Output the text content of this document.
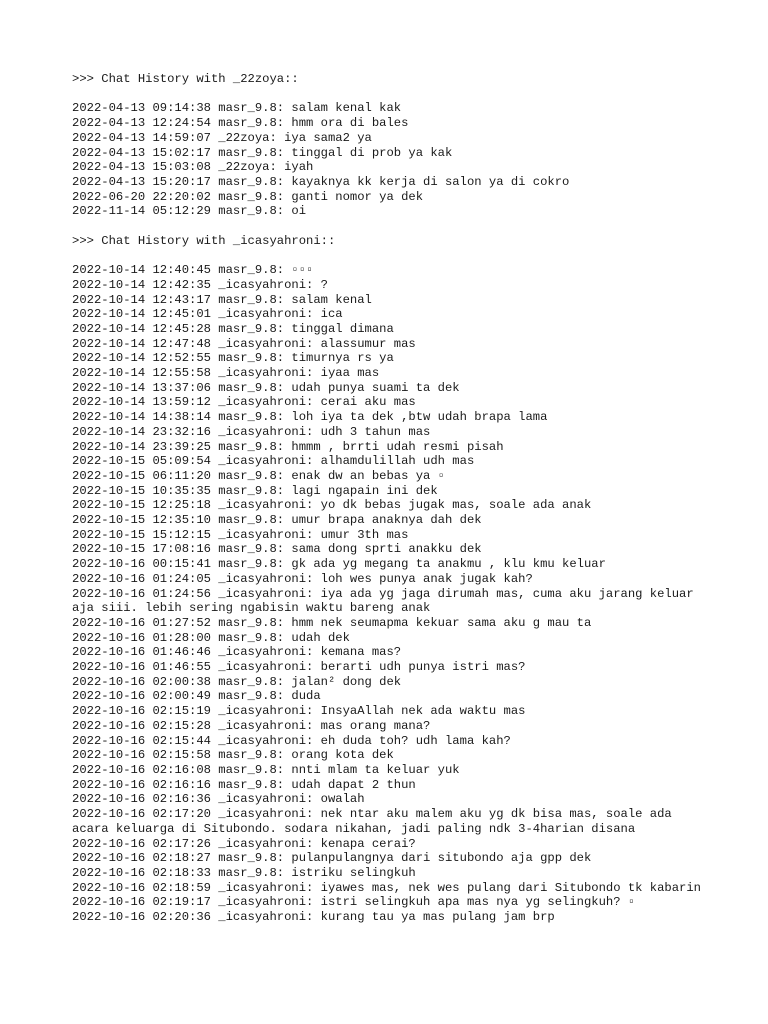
>>> Chat History with _22zoya::
2022-04-13 09:14:38 masr_9.8: salam kenal kak
2022-04-13 12:24:54 masr_9.8: hmm ora di bales
2022-04-13 14:59:07 _22zoya: iya sama2 ya
2022-04-13 15:02:17 masr_9.8: tinggal di prob ya kak
2022-04-13 15:03:08 _22zoya: iyah
2022-04-13 15:20:17 masr_9.8: kayaknya kk kerja di salon ya di cokro
2022-06-20 22:20:02 masr_9.8: ganti nomor ya dek
2022-11-14 05:12:29 masr_9.8: oi
>>> Chat History with _icasyahroni::
2022-10-14 12:40:45 masr_9.8: ▫▫▫
2022-10-14 12:42:35 _icasyahroni: ?
2022-10-14 12:43:17 masr_9.8: salam kenal
2022-10-14 12:45:01 _icasyahroni: ica
2022-10-14 12:45:28 masr_9.8: tinggal dimana
2022-10-14 12:47:48 _icasyahroni: alassumur mas
2022-10-14 12:52:55 masr_9.8: timurnya rs ya
2022-10-14 12:55:58 _icasyahroni: iyaa mas
2022-10-14 13:37:06 masr_9.8: udah punya suami ta dek
2022-10-14 13:59:12 _icasyahroni: cerai aku mas
2022-10-14 14:38:14 masr_9.8: loh iya ta dek ,btw udah brapa lama
2022-10-14 23:32:16 _icasyahroni: udh 3 tahun mas
2022-10-14 23:39:25 masr_9.8: hmmm , brrti udah resmi pisah
2022-10-15 05:09:54 _icasyahroni: alhamdulillah udh mas
2022-10-15 06:11:20 masr_9.8: enak dw an bebas ya ▫
2022-10-15 10:35:35 masr_9.8: lagi ngapain ini dek
2022-10-15 12:25:18 _icasyahroni: yo dk bebas jugak mas, soale ada anak
2022-10-15 12:35:10 masr_9.8: umur brapa anaknya dah dek
2022-10-15 15:12:15 _icasyahroni: umur 3th mas
2022-10-15 17:08:16 masr_9.8: sama dong sprti anakku dek
2022-10-16 00:15:41 masr_9.8: gk ada yg megang ta anakmu , klu kmu keluar
2022-10-16 01:24:05 _icasyahroni: loh wes punya anak jugak kah?
2022-10-16 01:24:56 _icasyahroni: iya ada yg jaga dirumah mas, cuma aku jarang keluar aja siii. lebih sering ngabisin waktu bareng anak
2022-10-16 01:27:52 masr_9.8: hmm nek seumapma kekuar sama aku g mau ta
2022-10-16 01:28:00 masr_9.8: udah dek
2022-10-16 01:46:46 _icasyahroni: kemana mas?
2022-10-16 01:46:55 _icasyahroni: berarti udh punya istri mas?
2022-10-16 02:00:38 masr_9.8: jalan² dong dek
2022-10-16 02:00:49 masr_9.8: duda
2022-10-16 02:15:19 _icasyahroni: InsyaAllah nek ada waktu mas
2022-10-16 02:15:28 _icasyahroni: mas orang mana?
2022-10-16 02:15:44 _icasyahroni: eh duda toh? udh lama kah?
2022-10-16 02:15:58 masr_9.8: orang kota dek
2022-10-16 02:16:08 masr_9.8: nnti mlam ta keluar yuk
2022-10-16 02:16:16 masr_9.8: udah dapat 2 thun
2022-10-16 02:16:36 _icasyahroni: owalah
2022-10-16 02:17:20 _icasyahroni: nek ntar aku malem aku yg dk bisa mas, soale ada acara keluarga di Situbondo. sodara nikahan, jadi paling ndk 3-4harian disana
2022-10-16 02:17:26 _icasyahroni: kenapa cerai?
2022-10-16 02:18:27 masr_9.8: pulanpulangnya dari situbondo aja gpp dek
2022-10-16 02:18:33 masr_9.8: istriku selingkuh
2022-10-16 02:18:59 _icasyahroni: iyawes mas, nek wes pulang dari Situbondo tk kabarin
2022-10-16 02:19:17 _icasyahroni: istri selingkuh apa mas nya yg selingkuh? ▫
2022-10-16 02:20:36 _icasyahroni: kurang tau ya mas pulang jam brp
